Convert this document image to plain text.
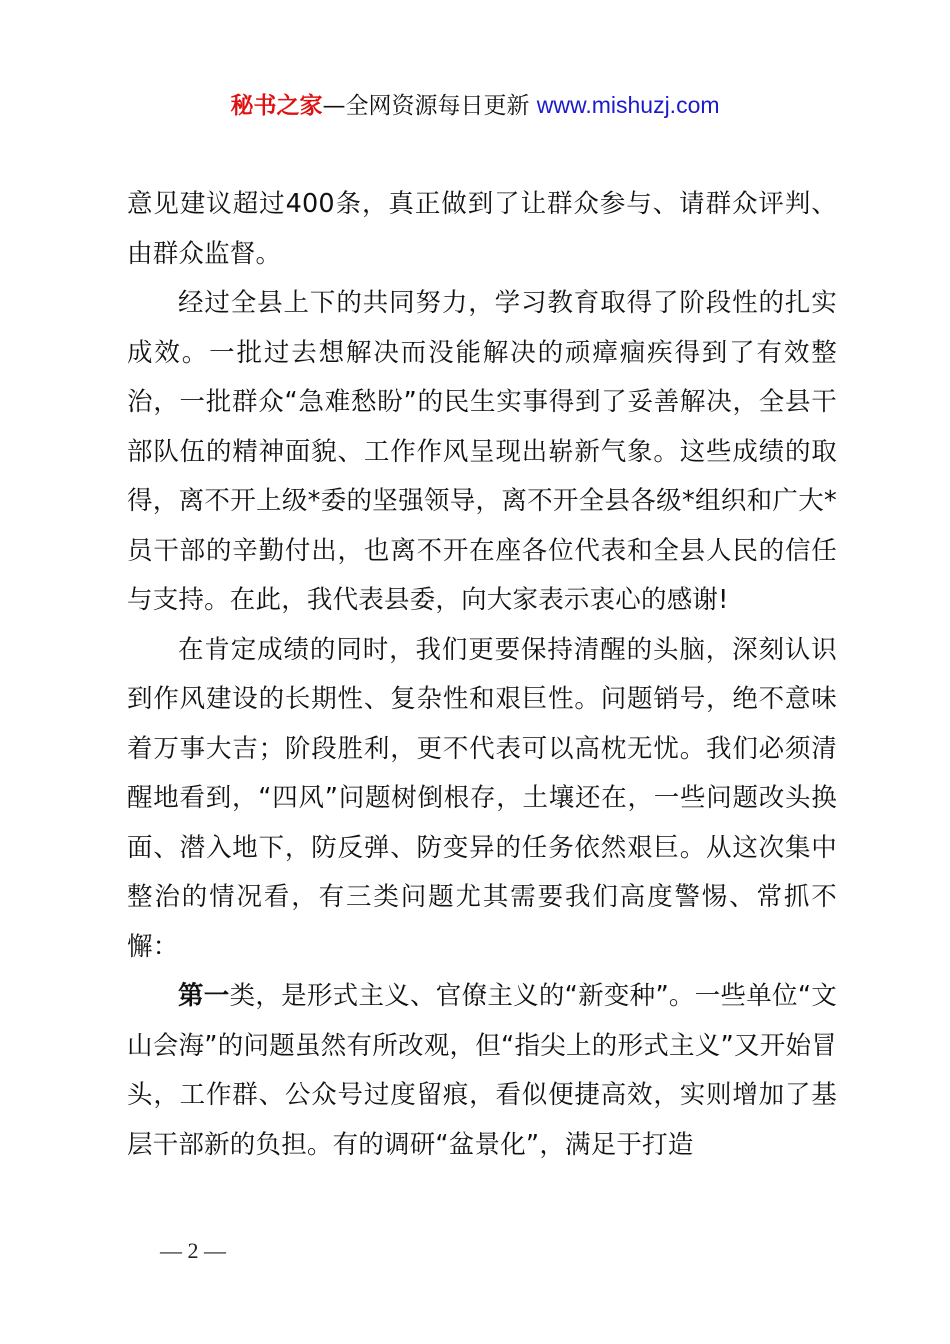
秘书之家—全网资源每日更新 www.mishuzj.com

意见建议超过400条，真正做到了让群众参与、请群众评判、由群众监督。

经过全县上下的共同努力，学习教育取得了阶段性的扎实成效。一批过去想解决而没能解决的顽瘴痼疾得到了有效整治，一批群众“急难愁盼”的民生实事得到了妥善解决，全县干部队伍的精神面貌、工作作风呈现出崭新气象。这些成绩的取得，离不开上级*委的坚强领导，离不开全县各级*组织和广大*员干部的辛勤付出，也离不开在座各位代表和全县人民的信任与支持。在此，我代表县委，向大家表示衷心的感谢!

在肯定成绩的同时，我们更要保持清醒的头脑，深刻认识到作风建设的长期性、复杂性和艰巨性。问题销号，绝不意味着万事大吉；阶段胜利，更不代表可以高枕无忧。我们必须清醒地看到，“四风”问题树倒根存，土壤还在，一些问题改头换面、潜入地下，防反弹、防变异的任务依然艰巨。从这次集中整治的情况看，有三类问题尤其需要我们高度警惕、常抓不懈：

第一类，是形式主义、官僚主义的“新变种”。一些单位“文山会海”的问题虽然有所改观，但“指尖上的形式主义”又开始冒头，工作群、公众号过度留痕，看似便捷高效，实则增加了基层干部新的负担。有的调研“盆景化”，满足于打造

— 2 —
